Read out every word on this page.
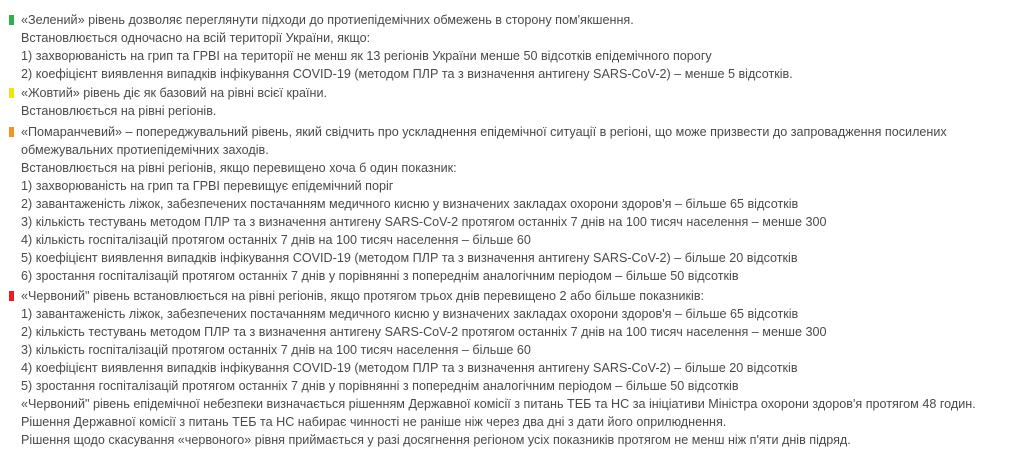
«Зелений» рівень дозволяє переглянути підходи до протиепідемічних обмежень в сторону пом'якшення.
Встановлюється одночасно на всій території України, якщо:
1) захворюваність на грип та ГРВІ на території не менш як 13 регіонів України менше 50 відсотків епідемічного порогу
2) коефіцієнт виявлення випадків інфікування COVID-19 (методом ПЛР та з визначення антигену SARS-CoV-2) – менше 5 відсотків.
«Жовтий» рівень діє як базовий на рівні всієї країни.
Встановлюється на рівні регіонів.
«Помаранчевий» – попереджувальний рівень, який свідчить про ускладнення епідемічної ситуації в регіоні, що може призвести до запровадження посилених обмежувальних протиепідемічних заходів.
Встановлюється на рівні регіонів, якщо перевищено хоча б один показник:
1) захворюваність на грип та ГРВІ перевищує епідемічний поріг
2) завантаженість ліжок, забезпечених постачанням медичного кисню у визначених закладах охорони здоров'я – більше 65 відсотків
3) кількість тестувань методом ПЛР та з визначення антигену SARS-CoV-2 протягом останніх 7 днів на 100 тисяч населення – менше 300
4) кількість госпіталізацій протягом останніх 7 днів на 100 тисяч населення – більше 60
5) коефіцієнт виявлення випадків інфікування COVID-19 (методом ПЛР та з визначення антигену SARS-CoV-2) – більше 20 відсотків
6) зростання госпіталізацій протягом останніх 7 днів у порівнянні з попереднім аналогічним періодом – більше 50 відсотків
«Червоний" рівень встановлюється на рівні регіонів, якщо протягом трьох днів перевищено 2 або більше показників:
1) завантаженість ліжок, забезпечених постачанням медичного кисню у визначених закладах охорони здоров'я – більше 65 відсотків
2) кількість тестувань методом ПЛР та з визначення антигену SARS-CoV-2 протягом останніх 7 днів на 100 тисяч населення – менше 300
3) кількість госпіталізацій протягом останніх 7 днів на 100 тисяч населення – більше 60
4) коефіцієнт виявлення випадків інфікування COVID-19 (методом ПЛР та з визначення антигену SARS-CoV-2) – більше 20 відсотків
5) зростання госпіталізацій протягом останніх 7 днів у порівнянні з попереднім аналогічним періодом – більше 50 відсотків
«Червоний" рівень епідемічної небезпеки визначається рішенням Державної комісії з питань ТЕБ та НС за ініціативи Міністра охорони здоров'я протягом 48 годин.
Рішення Державної комісії з питань ТЕБ та НС набирає чинності не раніше ніж через два дні з дати його оприлюднення.
Рішення щодо скасування «червоного» рівня приймається у разі досягнення регіоном усіх показників протягом не менш ніж п'яти днів підряд.
